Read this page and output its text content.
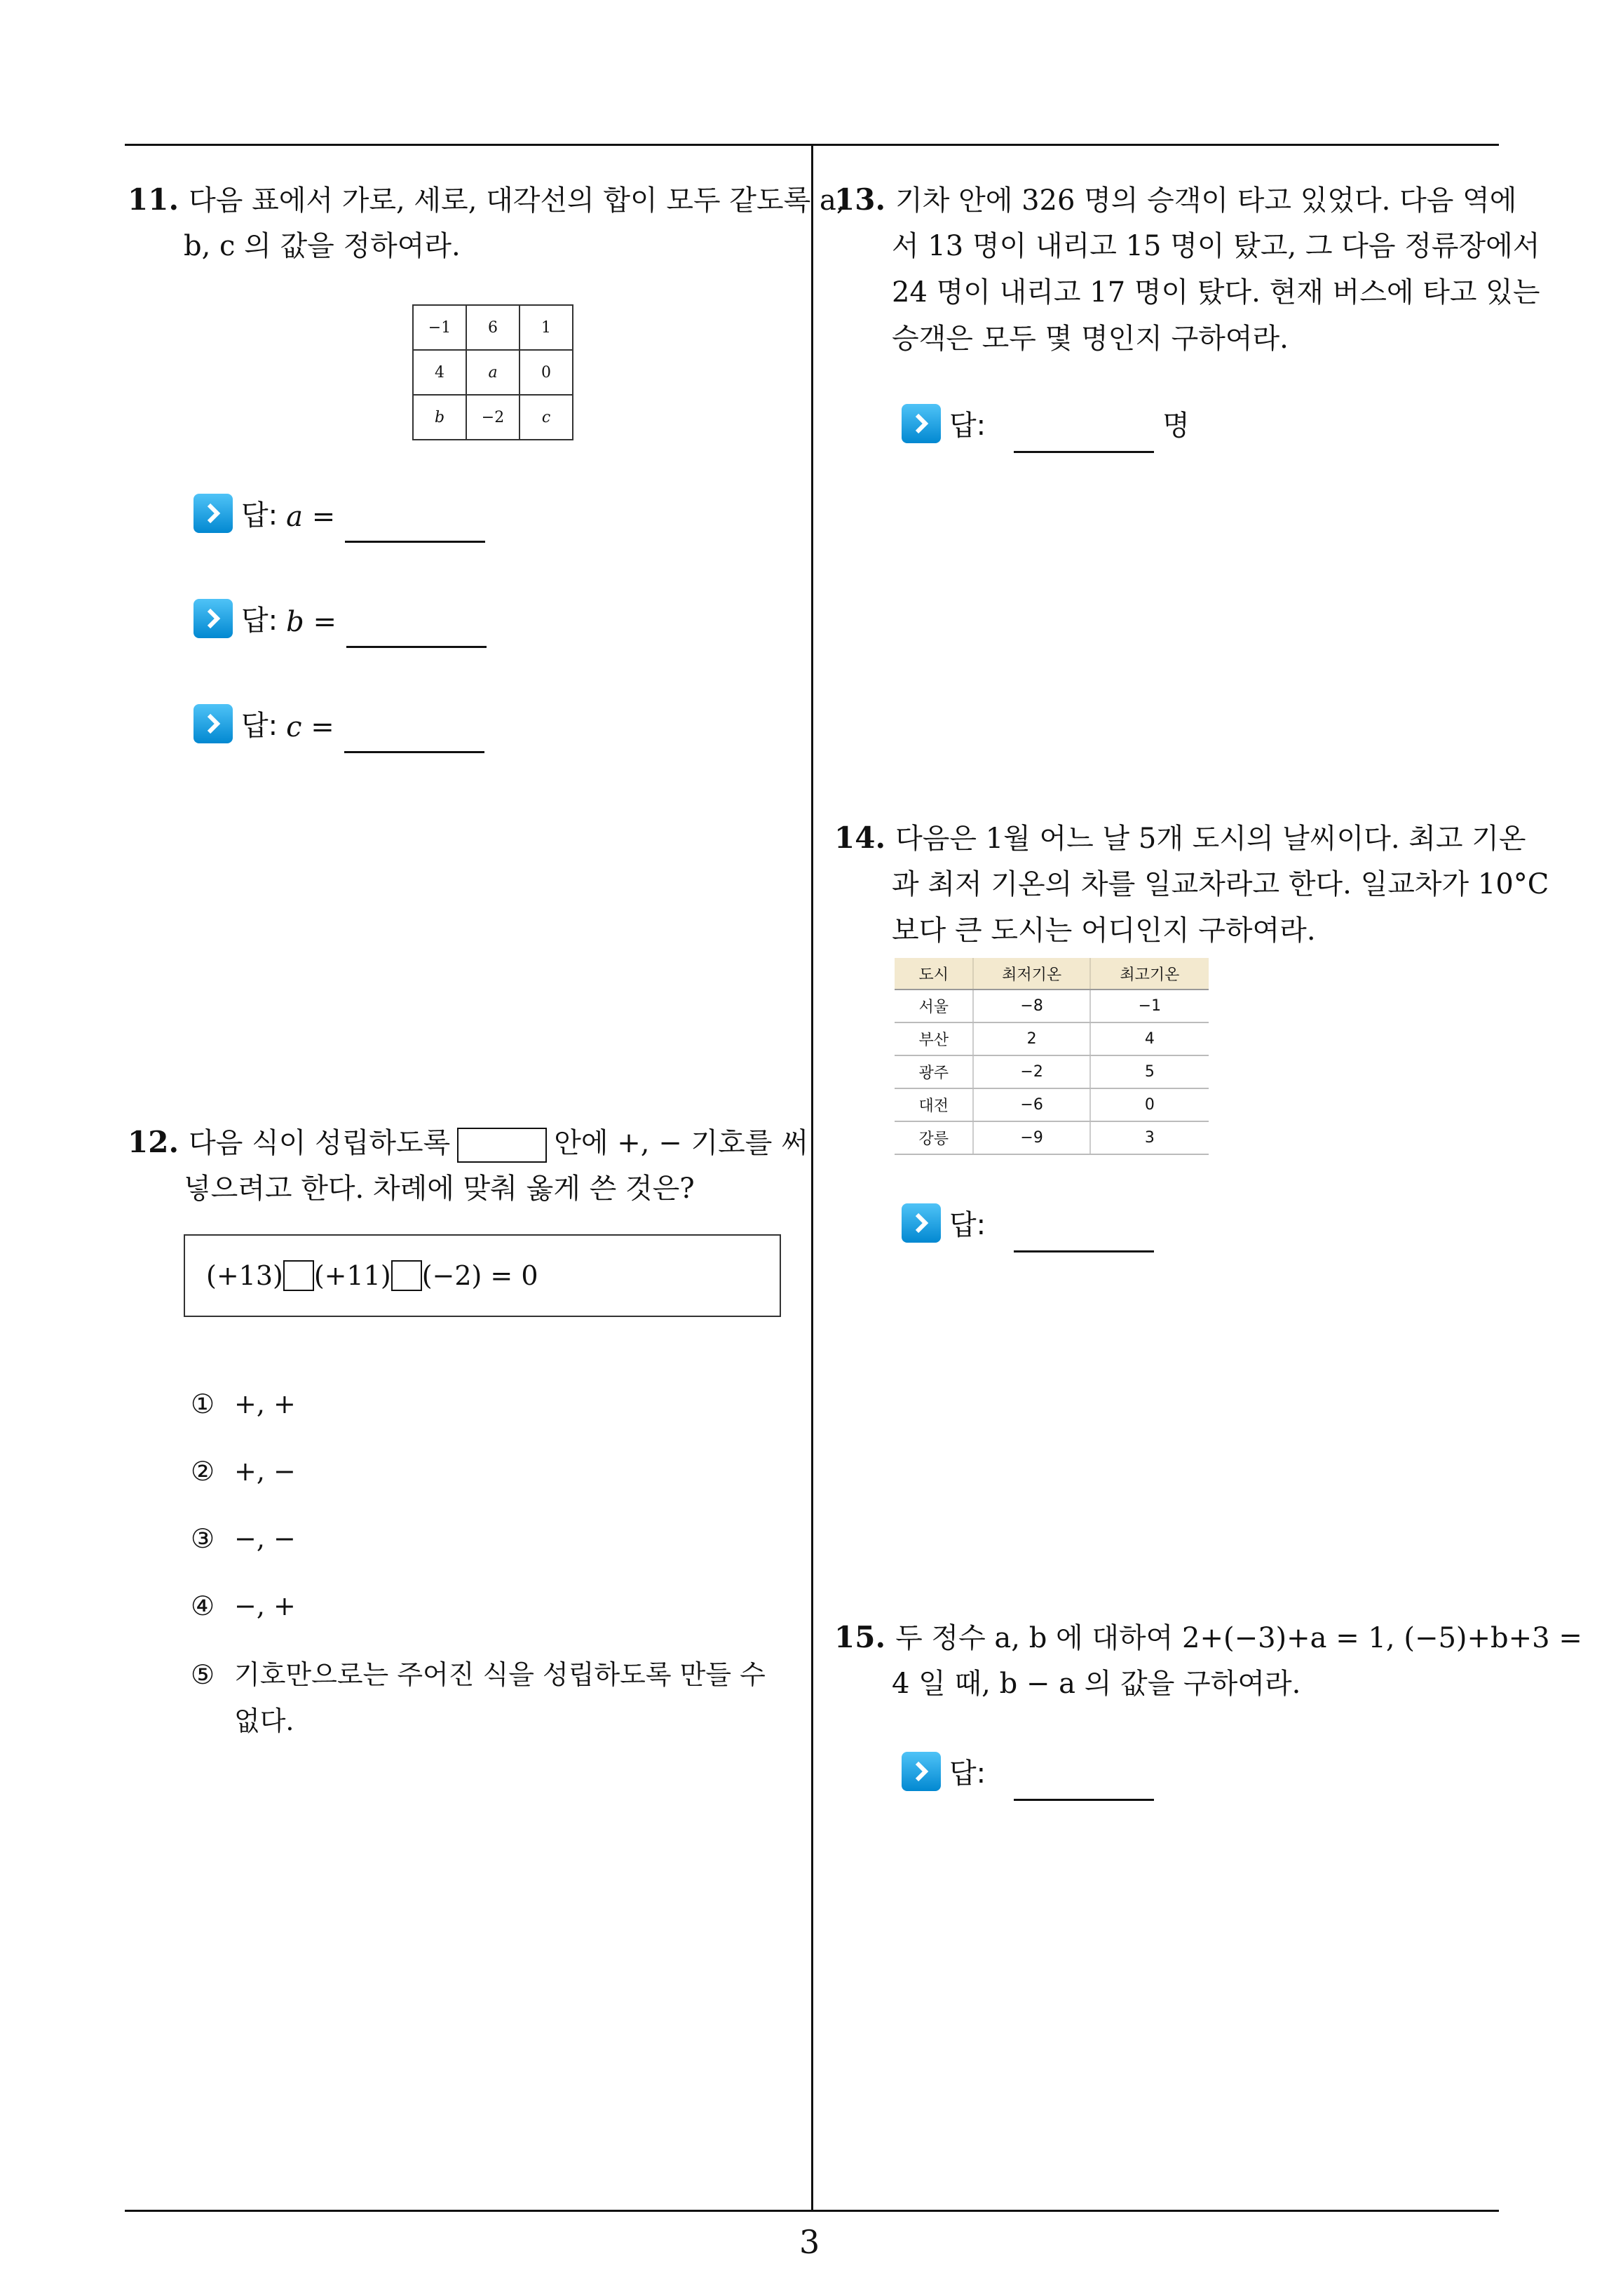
11. 다음 표에서 가로, 세로, 대각선의 합이 모두 같도록 a,
b, c 의 값을 정하여라.
−1	6	1
4	a	0
b	−2	c
답: a =
답: b =
답: c =
12. 다음 식이 성립하도록	안에 +, − 기호를 써
넣으려고 한다. 차례에 맞춰 옳게 쓴 것은?
(+13) (+11) (−2) = 0
① +, +
② +, −
③ −, −
④ −, +
⑤ 기호만으로는 주어진 식을 성립하도록 만들 수
없다.
13. 기차 안에 326 명의 승객이 타고 있었다. 다음 역에
서 13 명이 내리고 15 명이 탔고, 그 다음 정류장에서
24 명이 내리고 17 명이 탔다. 현재 버스에 타고 있는
승객은 모두 몇 명인지 구하여라.
답:	명
14. 다음은 1월 어느 날 5개 도시의 날씨이다. 최고 기온
과 최저 기온의 차를 일교차라고 한다. 일교차가 10°C
보다 큰 도시는 어디인지 구하여라.
도시	최저기온	최고기온
서울	−8	−1
부산	2	4
광주	−2	5
대전	−6	0
강릉	−9	3
답:
15. 두 정수 a, b 에 대하여 2+(−3)+a = 1, (−5)+b+3 =
4 일 때, b − a 의 값을 구하여라.
답:
3
